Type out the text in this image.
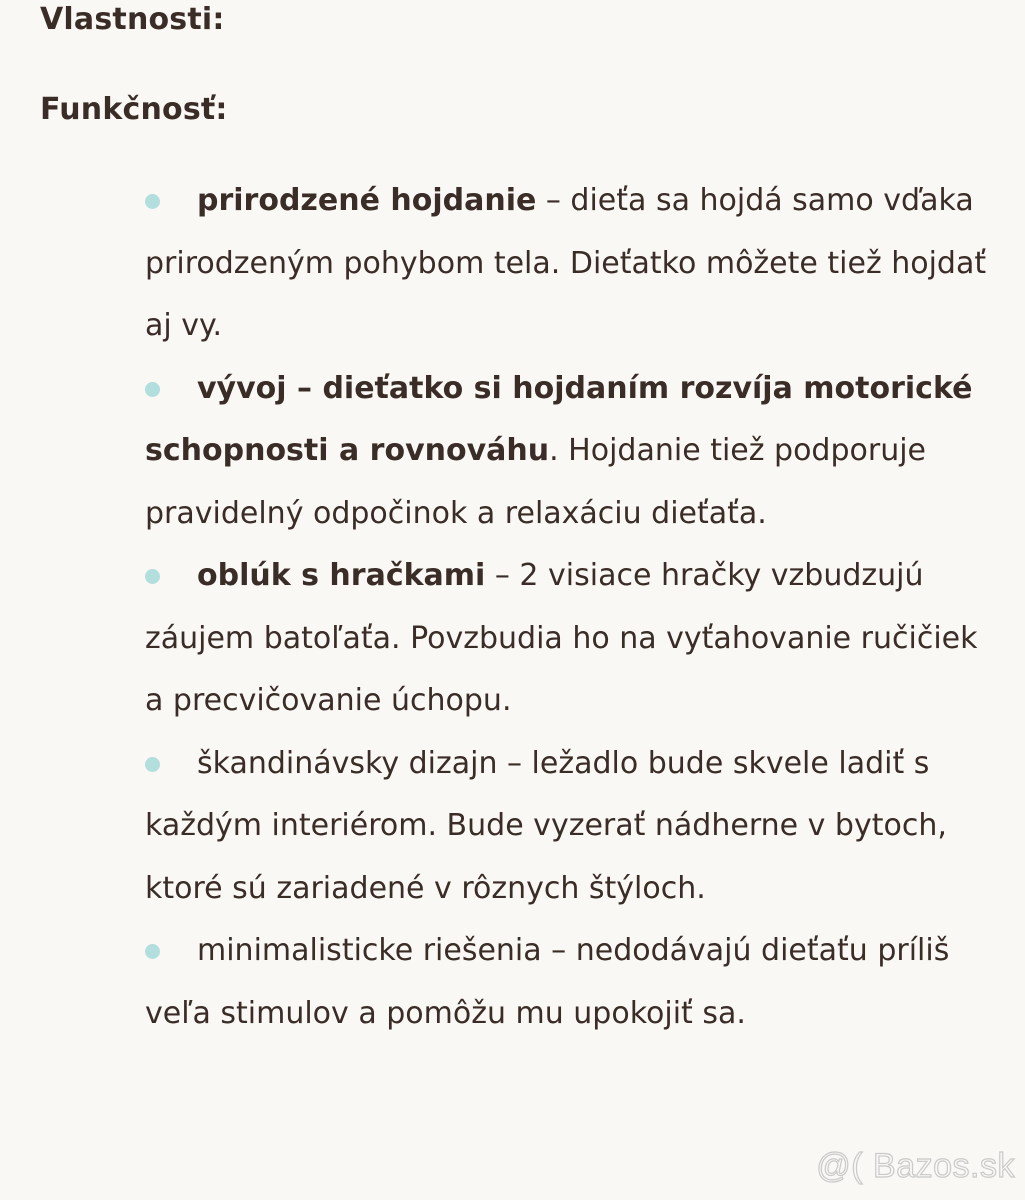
Vlastnosti:
Funkčnosť:
prirodzené hojdanie – dieťa sa hojdá samo vďaka prirodzeným pohybom tela. Dieťatko môžete tiež hojdať aj vy.
vývoj – dieťatko si hojdaním rozvíja motorické schopnosti a rovnováhu. Hojdanie tiež podporuje pravidelný odpočinok a relaxáciu dieťaťa.
oblúk s hračkami – 2 visiace hračky vzbudzujú záujem batoľaťa. Povzbudia ho na vyťahovanie ručičiek a precvičovanie úchopu.
škandinávsky dizajn – ležadlo bude skvele ladiť s každým interiérom. Bude vyzerať nádherne v bytoch, ktoré sú zariadené v rôznych štýloch.
minimalisticke riešenia – nedodávajú dieťaťu príliš veľa stimulov a pomôžu mu upokojiť sa.
@( Bazos.sk
